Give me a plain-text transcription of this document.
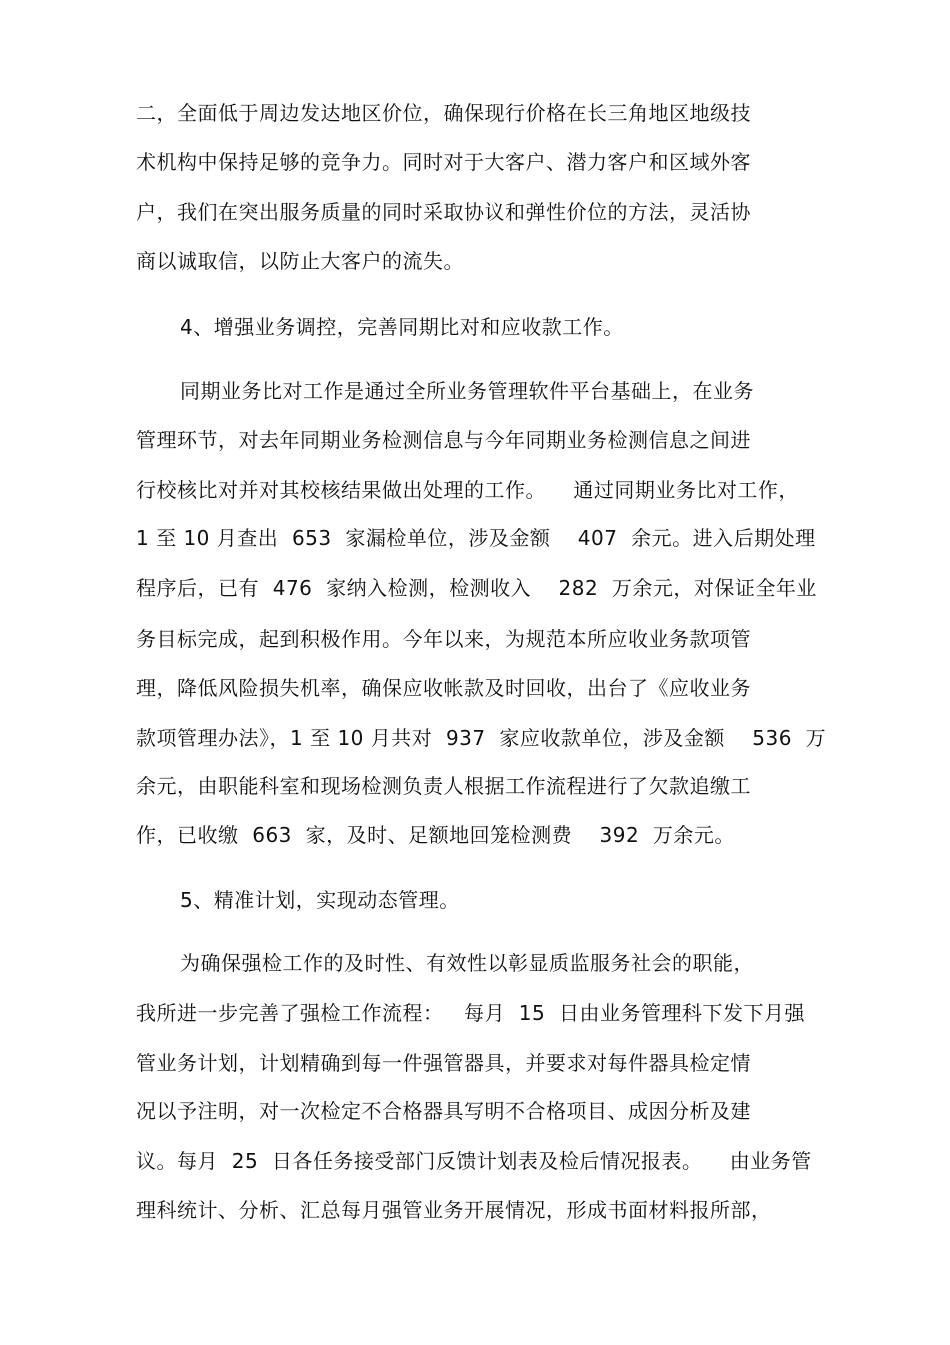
二，全面低于周边发达地区价位，确保现行价格在长三角地区地级技
术机构中保持足够的竞争力。同时对于大客户、潜力客户和区域外客
户，我们在突出服务质量的同时采取协议和弹性价位的方法，灵活协
商以诚取信，以防止大客户的流失。
4、增强业务调控，完善同期比对和应收款工作。
同期业务比对工作是通过全所业务管理软件平台基础上，在业务
管理环节，对去年同期业务检测信息与今年同期业务检测信息之间进
行校核比对并对其校核结果做出处理的工作。    通过同期业务比对工作，
1 至 10 月查出  653  家漏检单位，涉及金额    407  余元。进入后期处理
程序后，已有  476  家纳入检测，检测收入    282  万余元，对保证全年业
务目标完成，起到积极作用。今年以来，为规范本所应收业务款项管
理，降低风险损失机率，确保应收帐款及时回收，出台了《应收业务
款项管理办法》，1 至 10 月共对  937  家应收款单位，涉及金额    536  万
余元，由职能科室和现场检测负责人根据工作流程进行了欠款追缴工
作，已收缴  663  家，及时、足额地回笼检测费    392  万余元。
5、精准计划，实现动态管理。
为确保强检工作的及时性、有效性以彰显质监服务社会的职能，
我所进一步完善了强检工作流程：   每月  15  日由业务管理科下发下月强
管业务计划，计划精确到每一件强管器具，并要求对每件器具检定情
况以予注明，对一次检定不合格器具写明不合格项目、成因分析及建
议。每月  25  日各任务接受部门反馈计划表及检后情况报表。    由业务管
理科统计、分析、汇总每月强管业务开展情况，形成书面材料报所部，
